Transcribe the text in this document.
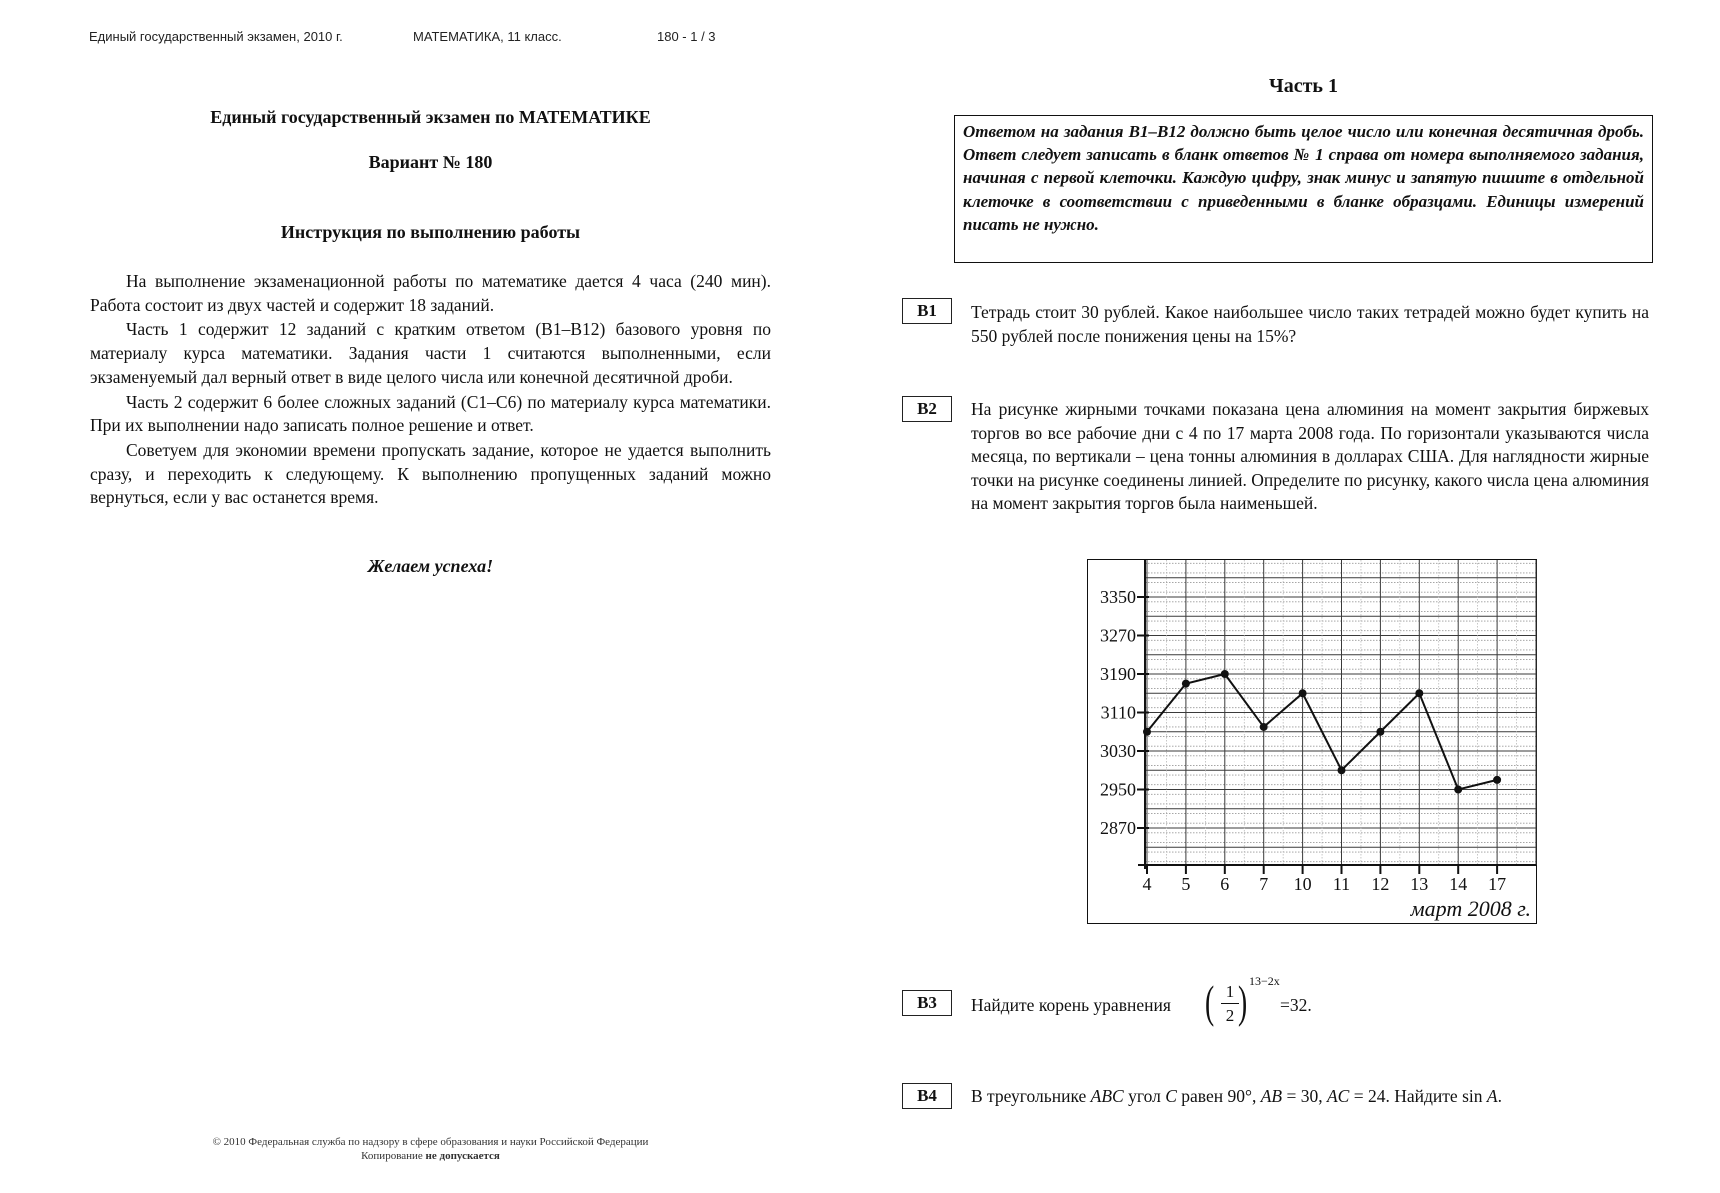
Единый государственный экзамен, 2010 г.	МАТЕМАТИКА, 11 класс.	180 - 1 / 3
Единый государственный экзамен по МАТЕМАТИКЕ
Вариант № 180
Инструкция по выполнению работы

На выполнение экзаменационной работы по математике дается 4 часа (240 мин). Работа состоит из двух частей и содержит 18 заданий.

Часть 1 содержит 12 заданий с кратким ответом (В1–В12) базового уровня по материалу курса математики. Задания части 1 считаются выполненными, если экзаменуемый дал верный ответ в виде целого числа или конечной десятичной дроби.

Часть 2 содержит 6 более сложных заданий (С1–С6) по материалу курса математики. При их выполнении надо записать полное решение и ответ.

Советуем для экономии времени пропускать задание, которое не удается выполнить сразу, и переходить к следующему. К выполнению пропущенных заданий можно вернуться, если у вас останется время.

Желаем успеха!
© 2010 Федеральная служба по надзору в сфере образования и науки Российской Федерации
Копирование не допускается
Часть 1
Ответом на задания В1–В12 должно быть целое число или конечная десятичная дробь. Ответ следует записать в бланк ответов № 1 справа от номера выполняемого задания, начиная с первой клеточки. Каждую цифру, знак минус и запятую пишите в отдельной клеточке в соответствии с приведенными в бланке образцами. Единицы измерений писать не нужно.
B1	Тетрадь стоит 30 рублей. Какое наибольшее число таких тетрадей можно будет купить на 550 рублей после понижения цены на 15%?
B2	На рисунке жирными точками показана цена алюминия на момент закрытия биржевых торгов во все рабочие дни с 4 по 17 марта 2008 года. По горизонтали указываются числа месяца, по вертикали – цена тонны алюминия в долларах США. Для наглядности жирные точки на рисунке соединены линией. Определите по рисунку, какого числа цена алюминия на момент закрытия торгов была наименьшей.
2870
2950
3030
3110
3190
3270
3350
4 5 6 7 10 11 12 13 14 17
март 2008 г.
B3	Найдите корень уравнения ( 1
2 ) 13−2x
=32.
B4	В треугольнике ABC угол C равен 90°, AB = 30, AC = 24. Найдите sin A.
